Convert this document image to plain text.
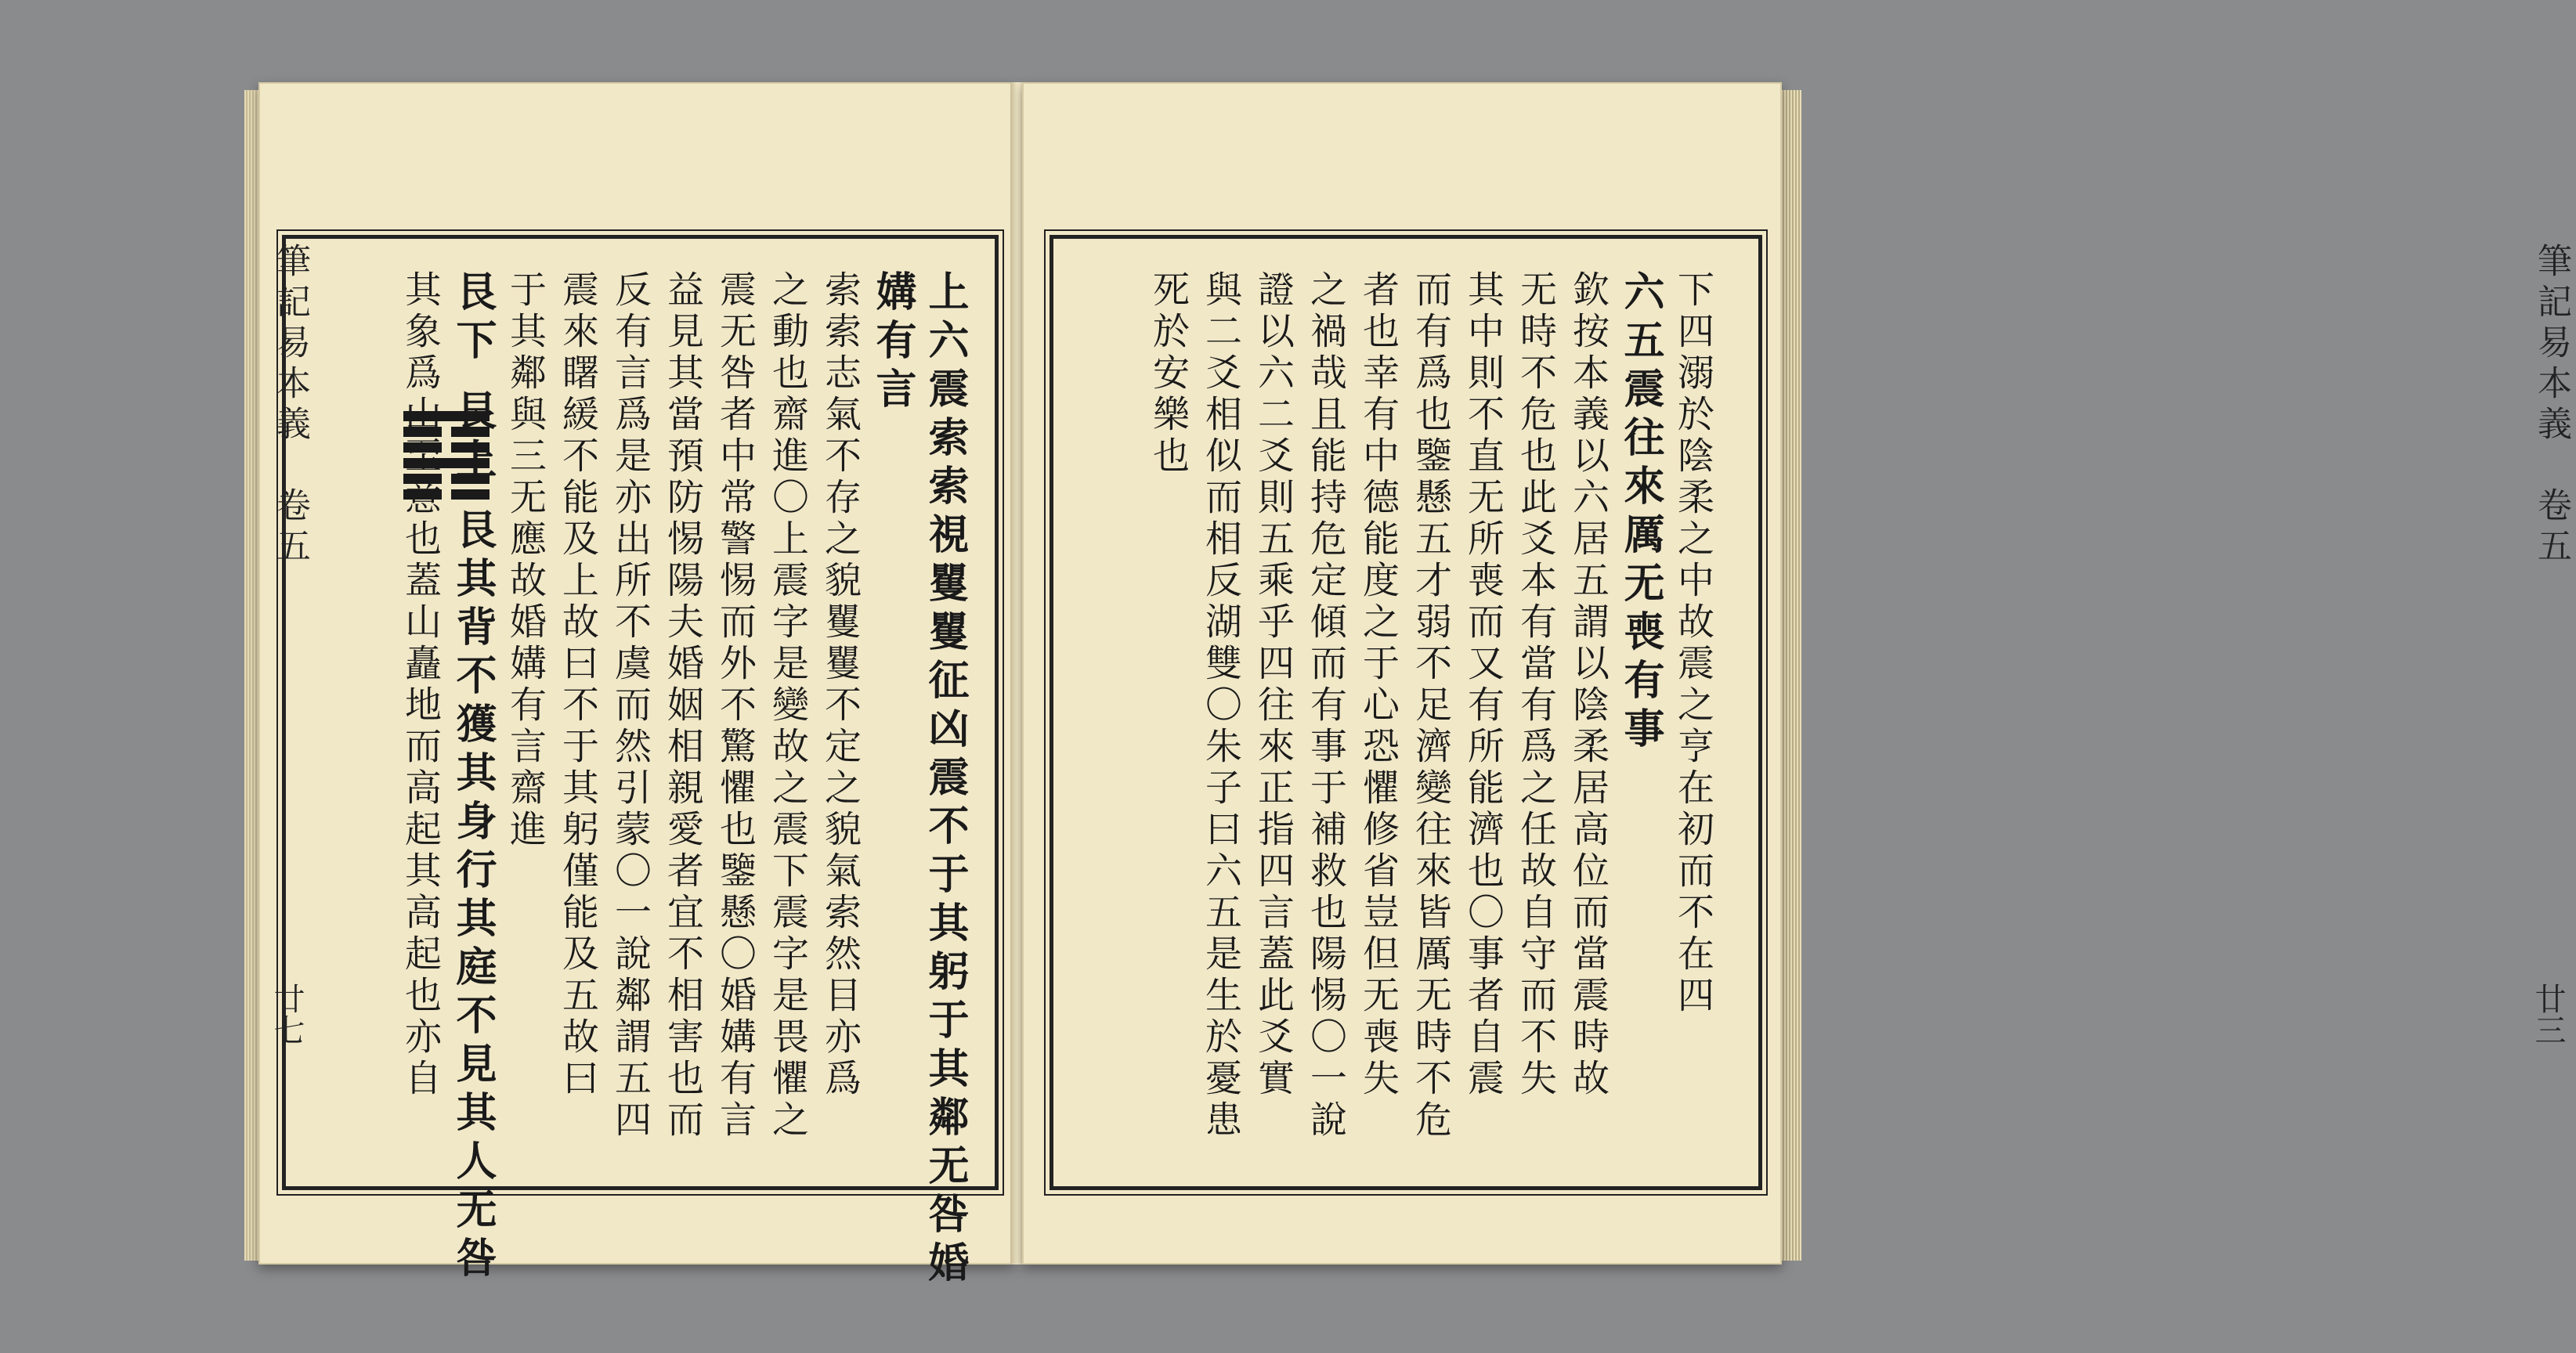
筆記易本義　卷五
廿七	上六震索索視矍矍征凶震不于其躬于其鄰无咎婚
媾有言
索索志氣不存之貌矍矍不定之貌氣索然目亦爲
之動也齋進〇上震字是變故之震下震字是畏懼之
震无咎者中常警惕而外不驚懼也鑒懸〇婚媾有言
益見其當預防惕陽夫婚姻相親愛者宜不相害也而
反有言爲是亦出所不虞而然引蒙〇一說鄰謂五四
震來𥌓緩不能及上故曰不于其躬僅能及五故曰
于其鄰與三无應故婚媾有言齋進
艮下 艮上 艮其背不獲其身行其庭不見其人无咎
其象爲山至意也蓋山矗地而高起其高起也亦自	筆記易本義　卷五
廿三
下四溺於陰柔之中故震之亨在初而不在四
六五震往來厲无喪有事
欽按本義以六居五謂以陰柔居高位而當震時故
无時不危也此爻本有當有爲之任故自守而不失
其中則不直无所喪而又有所能濟也〇事者自震
而有爲也鑒懸五才弱不足濟變往來皆厲无時不危
者也幸有中德能度之于心恐懼修省豈但无喪失
之禍哉且能持危定傾而有事于補救也陽惕〇一說
證以六二爻則五乘乎四往來正指四言蓋此爻實
與二爻相似而相反湖雙〇朱子曰六五是生於憂患
死於安樂也
